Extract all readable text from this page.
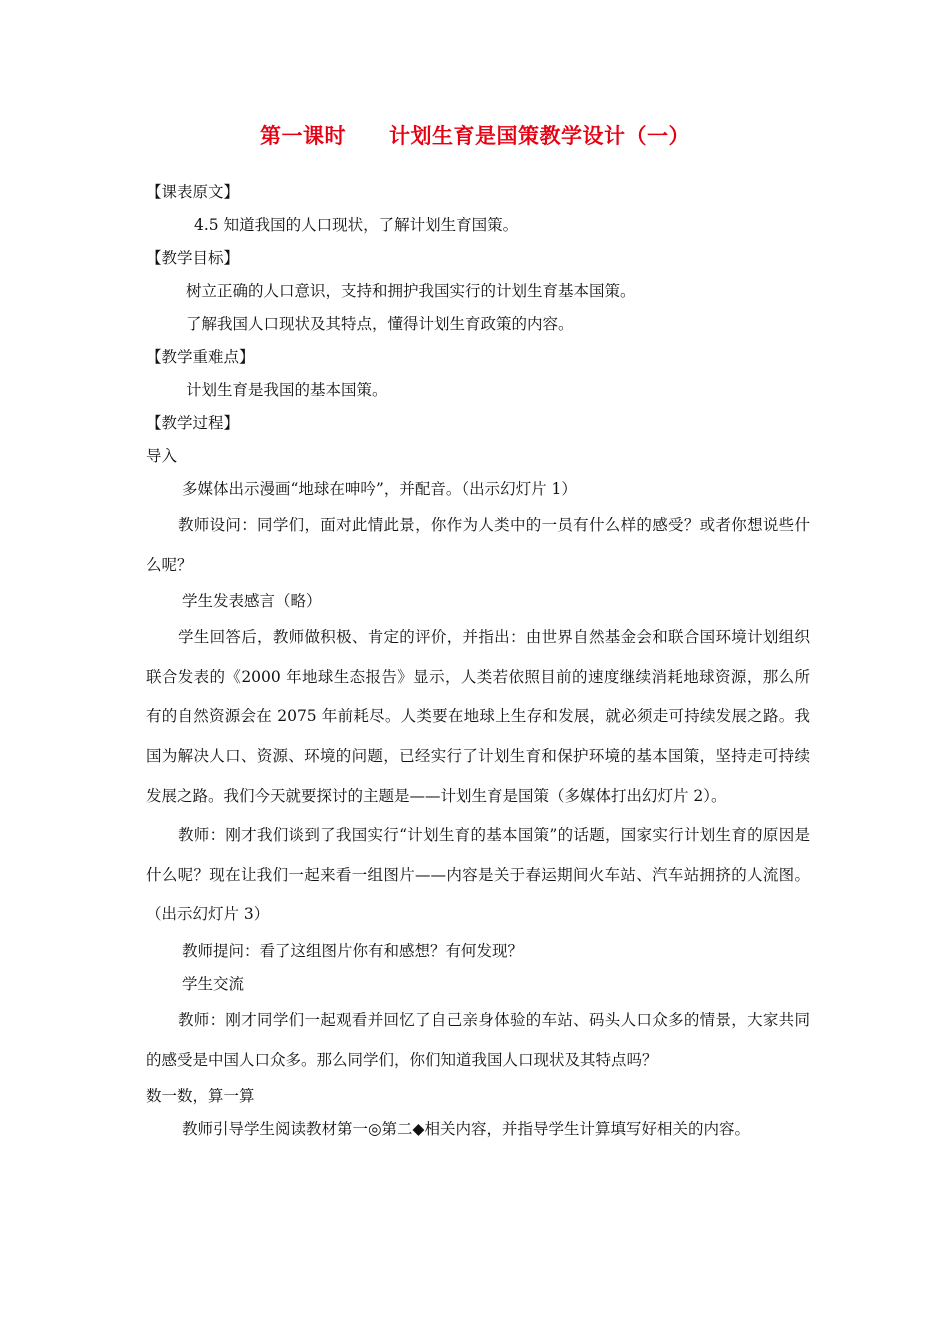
第一课时　　计划生育是国策教学设计（一）
【课表原文】
4.5 知道我国的人口现状，了解计划生育国策。
【教学目标】
树立正确的人口意识，支持和拥护我国实行的计划生育基本国策。
了解我国人口现状及其特点，懂得计划生育政策的内容。
【教学重难点】
计划生育是我国的基本国策。
【教学过程】
导入
多媒体出示漫画“地球在呻吟”，并配音。（出示幻灯片 1）
教师设问：同学们，面对此情此景，你作为人类中的一员有什么样的感受？或者你想说些什么呢？
学生发表感言（略）
学生回答后，教师做积极、肯定的评价，并指出：由世界自然基金会和联合国环境计划组织联合发表的《2000 年地球生态报告》显示，人类若依照目前的速度继续消耗地球资源，那么所有的自然资源会在 2075 年前耗尽。人类要在地球上生存和发展，就必须走可持续发展之路。我国为解决人口、资源、环境的问题，已经实行了计划生育和保护环境的基本国策，坚持走可持续发展之路。我们今天就要探讨的主题是——计划生育是国策（多媒体打出幻灯片 2）。
教师：刚才我们谈到了我国实行“计划生育的基本国策”的话题，国家实行计划生育的原因是什么呢？现在让我们一起来看一组图片——内容是关于春运期间火车站、汽车站拥挤的人流图。（出示幻灯片 3）
教师提问：看了这组图片你有和感想？有何发现？
学生交流
教师：刚才同学们一起观看并回忆了自己亲身体验的车站、码头人口众多的情景，大家共同的感受是中国人口众多。那么同学们，你们知道我国人口现状及其特点吗？
数一数，算一算
教师引导学生阅读教材第一◎第二◆相关内容，并指导学生计算填写好相关的内容。
